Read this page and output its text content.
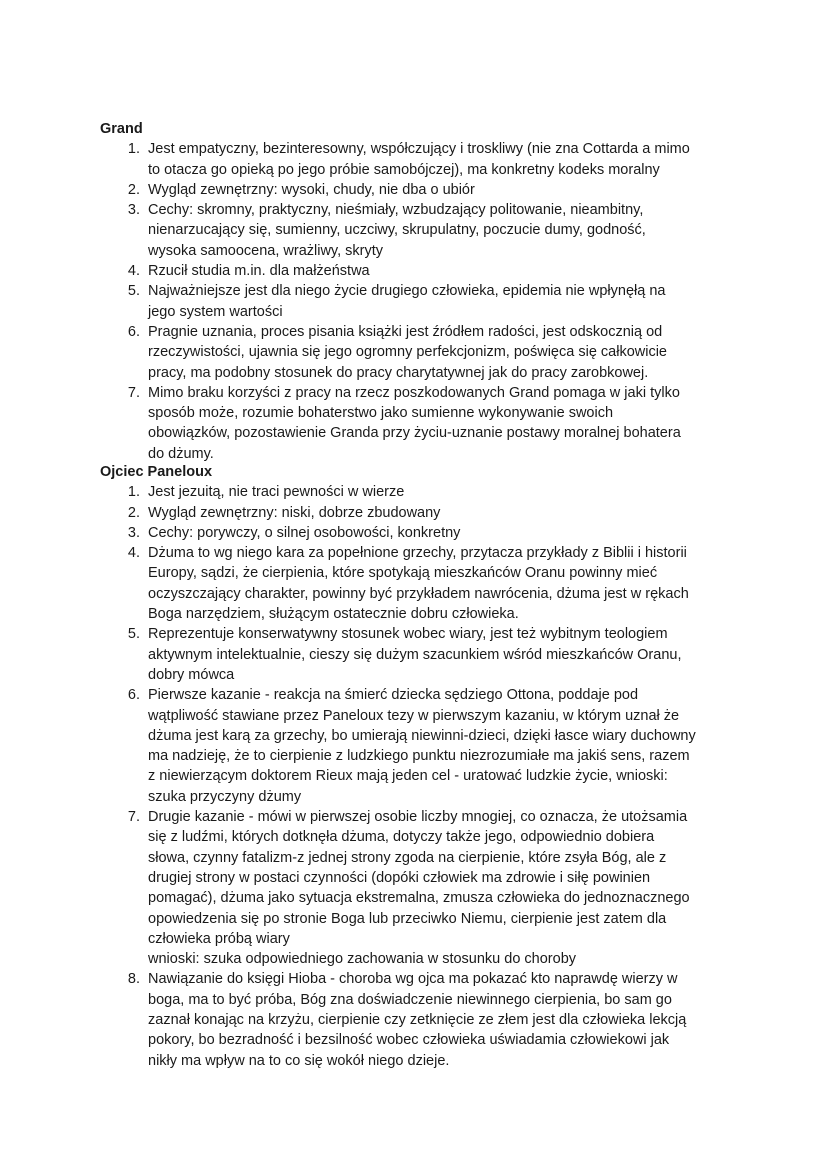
Grand
1. Jest empatyczny, bezinteresowny, współczujący i troskliwy (nie zna Cottarda a mimo
to otacza go opieką po jego próbie samobójczej), ma konkretny kodeks moralny
2. Wygląd zewnętrzny: wysoki, chudy, nie dba o ubiór
3. Cechy: skromny, praktyczny, nieśmiały, wzbudzający politowanie, nieambitny,
nienarzucający się, sumienny, uczciwy, skrupulatny, poczucie dumy, godność,
wysoka samoocena, wrażliwy, skryty
4. Rzucił studia m.in. dla małżeństwa
5. Najważniejsze jest dla niego życie drugiego człowieka, epidemia nie wpłynęłą na
jego system wartości
6. Pragnie uznania, proces pisania książki jest źródłem radości, jest odskocznią od
rzeczywistości, ujawnia się jego ogromny perfekcjonizm, poświęca się całkowicie
pracy, ma podobny stosunek do pracy charytatywnej jak do pracy zarobkowej.
7. Mimo braku korzyści z pracy na rzecz poszkodowanych Grand pomaga w jaki tylko
sposób może, rozumie bohaterstwo jako sumienne wykonywanie swoich
obowiązków, pozostawienie Granda przy życiu-uznanie postawy moralnej bohatera
do dżumy.
Ojciec Paneloux
1. Jest jezuitą, nie traci pewności w wierze
2. Wygląd zewnętrzny: niski, dobrze zbudowany
3. Cechy: porywczy, o silnej osobowości, konkretny
4. Dżuma to wg niego kara za popełnione grzechy, przytacza przykłady z Biblii i historii
Europy, sądzi, że cierpienia, które spotykają mieszkańców Oranu powinny mieć
oczyszczający charakter, powinny być przykładem nawrócenia, dżuma jest w rękach
Boga narzędziem, służącym ostatecznie dobru człowieka.
5. Reprezentuje konserwatywny stosunek wobec wiary, jest też wybitnym teologiem
aktywnym intelektualnie, cieszy się dużym szacunkiem wśród mieszkańców Oranu,
dobry mówca
6. Pierwsze kazanie - reakcja na śmierć dziecka sędziego Ottona, poddaje pod
wątpliwość stawiane przez Paneloux tezy w pierwszym kazaniu, w którym uznał że
dżuma jest karą za grzechy, bo umierają niewinni-dzieci, dzięki łasce wiary duchowny
ma nadzieję, że to cierpienie z ludzkiego punktu niezrozumiałe ma jakiś sens, razem
z niewierzącym doktorem Rieux mają jeden cel - uratować ludzkie życie, wnioski:
szuka przyczyny dżumy
7. Drugie kazanie - mówi w pierwszej osobie liczby mnogiej, co oznacza, że utożsamia
się z ludźmi, których dotknęła dżuma, dotyczy także jego, odpowiednio dobiera
słowa, czynny fatalizm-z jednej strony zgoda na cierpienie, które zsyła Bóg, ale z
drugiej strony w postaci czynności (dopóki człowiek ma zdrowie i siłę powinien
pomagać), dżuma jako sytuacja ekstremalna, zmusza człowieka do jednoznacznego
opowiedzenia się po stronie Boga lub przeciwko Niemu, cierpienie jest zatem dla
człowieka próbą wiary
wnioski: szuka odpowiedniego zachowania w stosunku do choroby
8. Nawiązanie do księgi Hioba - choroba wg ojca ma pokazać kto naprawdę wierzy w
boga, ma to być próba, Bóg zna doświadczenie niewinnego cierpienia, bo sam go
zaznał konając na krzyżu, cierpienie czy zetknięcie ze złem jest dla człowieka lekcją
pokory, bo bezradność i bezsilność wobec człowieka uświadamia człowiekowi jak
nikły ma wpływ na to co się wokół niego dzieje.
